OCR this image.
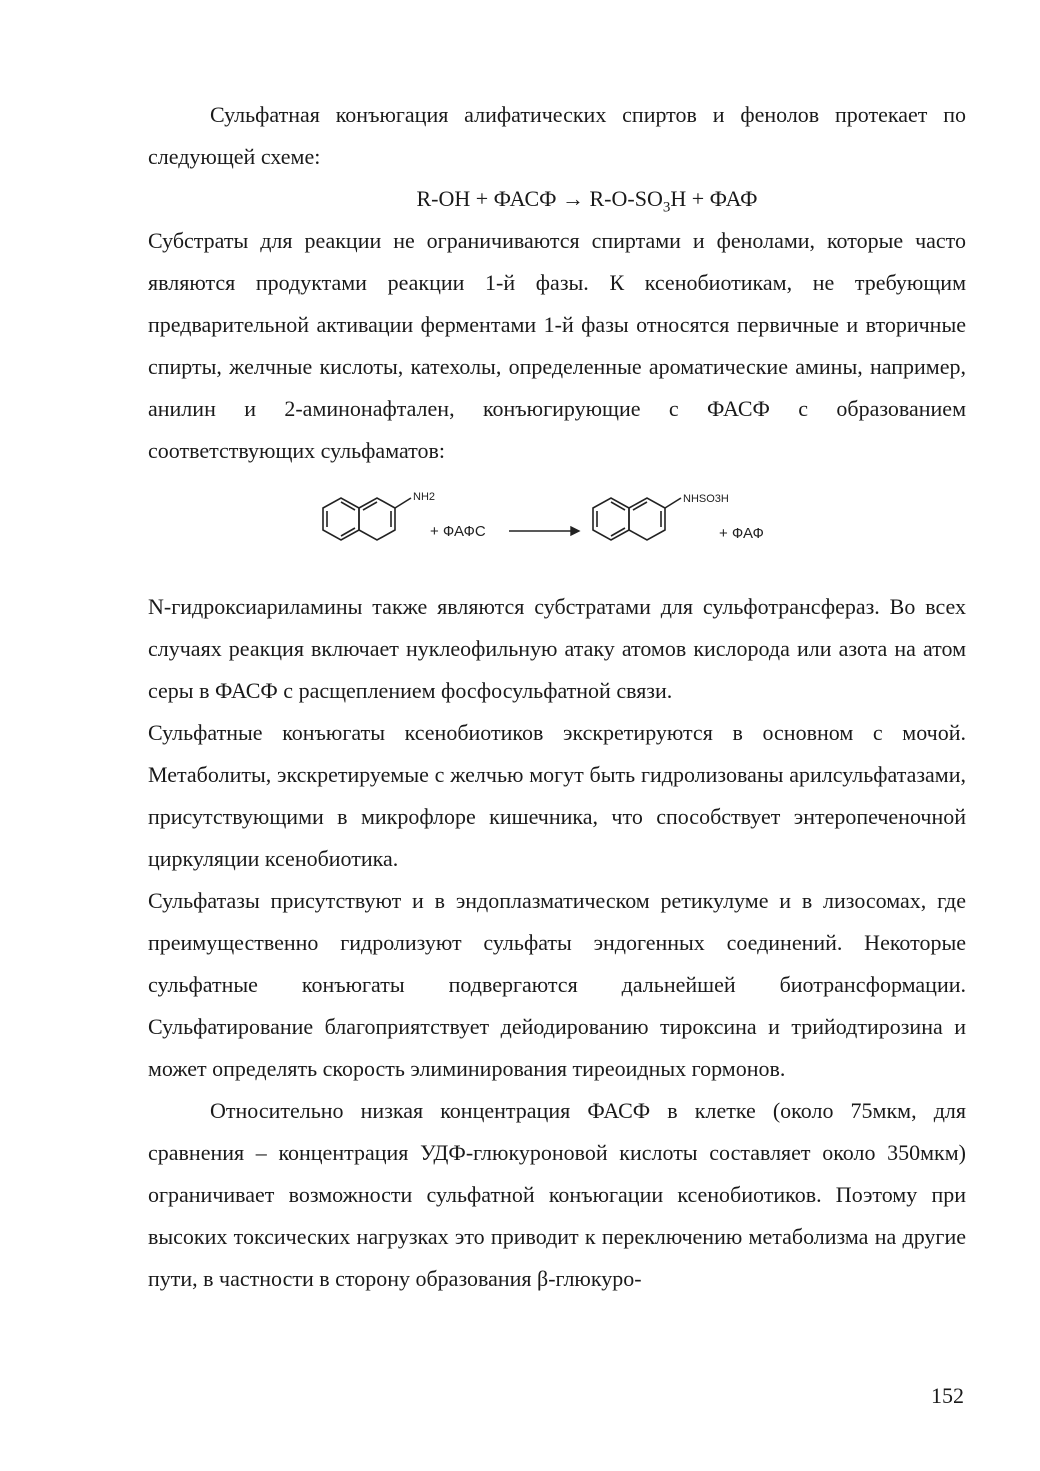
Сульфатная конъюгация алифатических спиртов и фенолов протекает по следующей схеме:

R-OH + ФАСФ → $R-O-SO_3H$ + ФАФ

Субстраты для реакции не ограничиваются спиртами и фенолами, которые часто являются продуктами реакции 1-й фазы. К ксенобиотикам, не требующим предварительной активации ферментами 1-й фазы относятся первичные и вторичные спирты, желчные кислоты, катехолы, определенные ароматические амины, например, анилин и 2-аминонафтален, конъюгирующие с ФАСФ с образованием соответствующих сульфаматов:

NH2
+ ФАФС
NHSO3H
+ ФАФ

N-гидроксиариламины также являются субстратами для сульфотрансфераз. Во всех случаях реакция включает нуклеофильную атаку атомов кислорода или азота на атом серы в ФАСФ с расщеплением фосфосульфатной связи.

Сульфатные конъюгаты ксенобиотиков экскретируются в основном с мочой. Метаболиты, экскретируемые с желчью могут быть гидролизованы арилсульфатазами, присутствующими в микрофлоре кишечника, что способствует энтеропеченочной циркуляции ксенобиотика.

Сульфатазы присутствуют и в эндоплазматическом ретикулуме и в лизосомах, где преимущественно гидролизуют сульфаты эндогенных соединений. Некоторые сульфатные конъюгаты подвергаются дальнейшей биотрансформации. Сульфатирование благоприятствует дейодированию тироксина и трийодтирозина и может определять скорость элиминирования тиреоидных гормонов.

Относительно низкая концентрация ФАСФ в клетке (около 75мкм, для сравнения – концентрация УДФ-глюкуроновой кислоты составляет около 350мкм) ограничивает возможности сульфатной конъюгации ксенобиотиков. Поэтому при высоких токсических нагрузках это приводит к переключению метаболизма на другие пути, в частности в сторону образования β-глюкуро-

152
